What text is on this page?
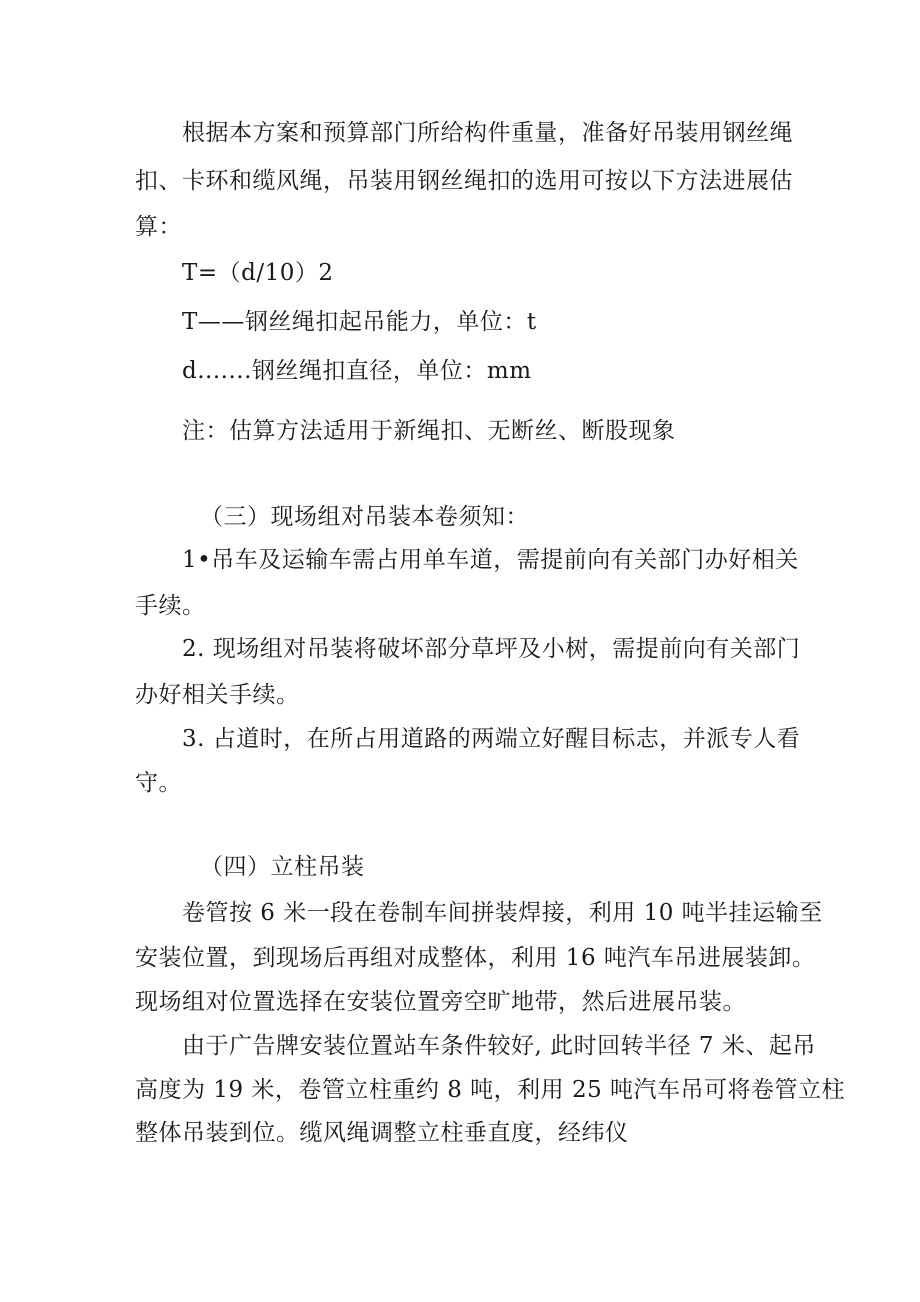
根据本方案和预算部门所给构件重量，准备好吊装用钢丝绳
扣、卡环和缆风绳，吊装用钢丝绳扣的选用可按以下方法进展估
算：
T=（d/10）2
T——钢丝绳扣起吊能力，单位：t
d.......钢丝绳扣直径，单位：mm
注：估算方法适用于新绳扣、无断丝、断股现象
（三）现场组对吊装本卷须知：
1•吊车及运输车需占用单车道，需提前向有关部门办好相关
手续。
2. 现场组对吊装将破坏部分草坪及小树，需提前向有关部门
办好相关手续。
3. 占道时，在所占用道路的两端立好醒目标志，并派专人看
守。
（四）立柱吊装
卷管按 6 米一段在卷制车间拼装焊接，利用 10 吨半挂运输至
安装位置，到现场后再组对成整体，利用 16 吨汽车吊进展装卸。
现场组对位置选择在安装位置旁空旷地带，然后进展吊装。
由于广告牌安装位置站车条件较好, 此时回转半径 7 米、起吊
高度为 19 米，卷管立柱重约 8 吨，利用 25 吨汽车吊可将卷管立柱
整体吊装到位。缆风绳调整立柱垂直度，经纬仪
